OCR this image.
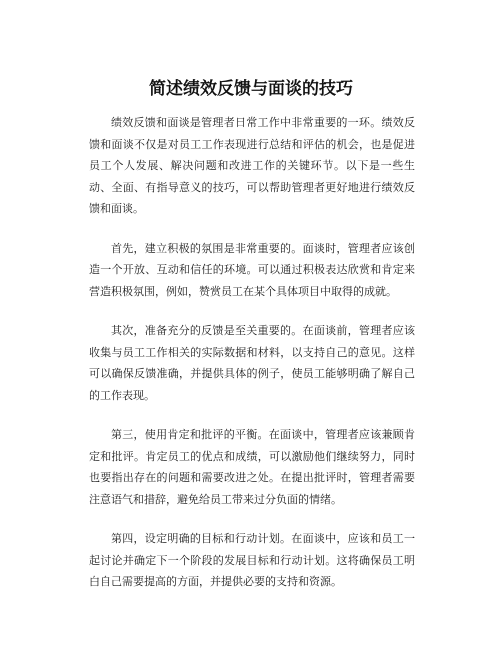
简述绩效反馈与面谈的技巧

绩效反馈和面谈是管理者日常工作中非常重要的一环。绩效反馈和面谈不仅是对员工工作表现进行总结和评估的机会，也是促进员工个人发展、解决问题和改进工作的关键环节。以下是一些生动、全面、有指导意义的技巧，可以帮助管理者更好地进行绩效反馈和面谈。

首先，建立积极的氛围是非常重要的。面谈时，管理者应该创造一个开放、互动和信任的环境。可以通过积极表达欣赏和肯定来营造积极氛围，例如，赞赏员工在某个具体项目中取得的成就。

其次，准备充分的反馈是至关重要的。在面谈前，管理者应该收集与员工工作相关的实际数据和材料，以支持自己的意见。这样可以确保反馈准确，并提供具体的例子，使员工能够明确了解自己的工作表现。

第三，使用肯定和批评的平衡。在面谈中，管理者应该兼顾肯定和批评。肯定员工的优点和成绩，可以激励他们继续努力，同时也要指出存在的问题和需要改进之处。在提出批评时，管理者需要注意语气和措辞，避免给员工带来过分负面的情绪。

第四，设定明确的目标和行动计划。在面谈中，应该和员工一起讨论并确定下一个阶段的发展目标和行动计划。这将确保员工明白自己需要提高的方面，并提供必要的支持和资源。
